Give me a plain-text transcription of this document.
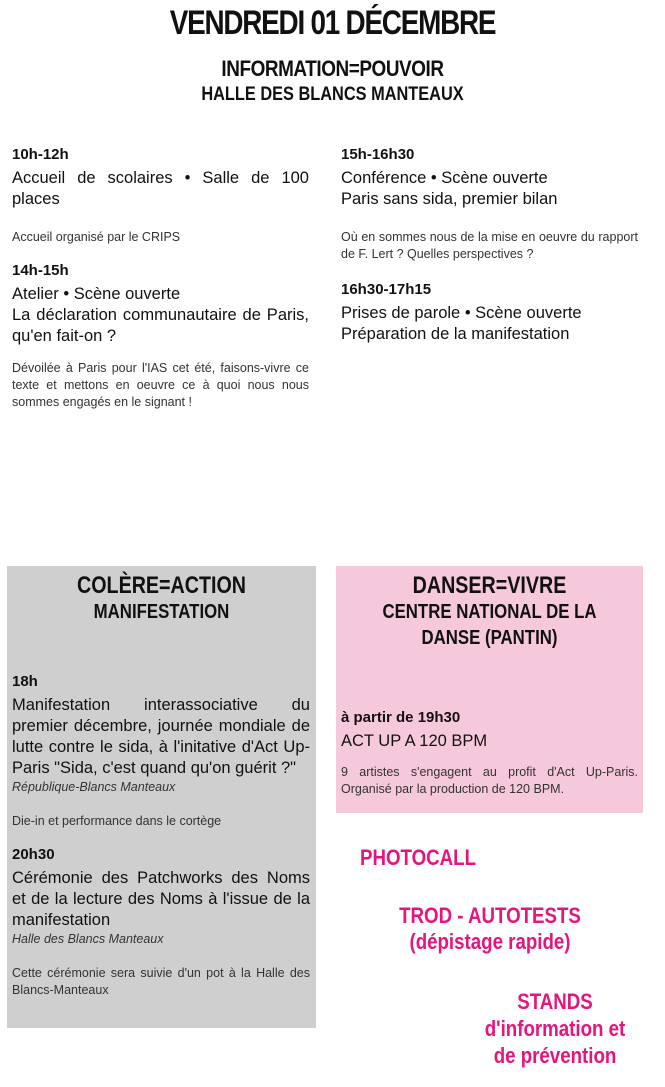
VENDREDI 01 DÉCEMBRE
INFORMATION=POUVOIR
HALLE DES BLANCS MANTEAUX

10h-12h

Accueil de scolaires • Salle de 100 places

Accueil organisé par le CRIPS

14h-15h

Atelier • Scène ouverte

La déclaration communautaire de Paris, qu'en fait-on ?

Dévoilée à Paris pour l'IAS cet été, faisons-vivre ce texte et mettons en oeuvre ce à quoi nous nous sommes engagés en le signant !

15h-16h30

Conférence • Scène ouverte

Paris sans sida, premier bilan

Où en sommes nous de la mise en oeuvre du rapport de F. Lert ? Quelles perspectives ?

16h30-17h15

Prises de parole • Scène ouverte

Préparation de la manifestation

COLÈRE=ACTION
MANIFESTATION

18h

Manifestation interassociative du premier décembre, journée mondiale de lutte contre le sida, à l'initative d'Act Up-Paris "Sida, c'est quand qu'on guérit ?"

République-Blancs Manteaux

Die-in et performance dans le cortège

20h30

Cérémonie des Patchworks des Noms et de la lecture des Noms à l'issue de la manifestation

Halle des Blancs Manteaux

Cette cérémonie sera suivie d'un pot à la Halle des Blancs-Manteaux

DANSER=VIVRE
CENTRE NATIONAL DE LA
DANSE (PANTIN)

à partir de 19h30

ACT UP A 120 BPM

9 artistes s'engagent au profit d'Act Up-Paris. Organisé par la production de 120 BPM.

PHOTOCALL
TROD - AUTOTESTS
(dépistage rapide)
STANDS
d'information et
de prévention
